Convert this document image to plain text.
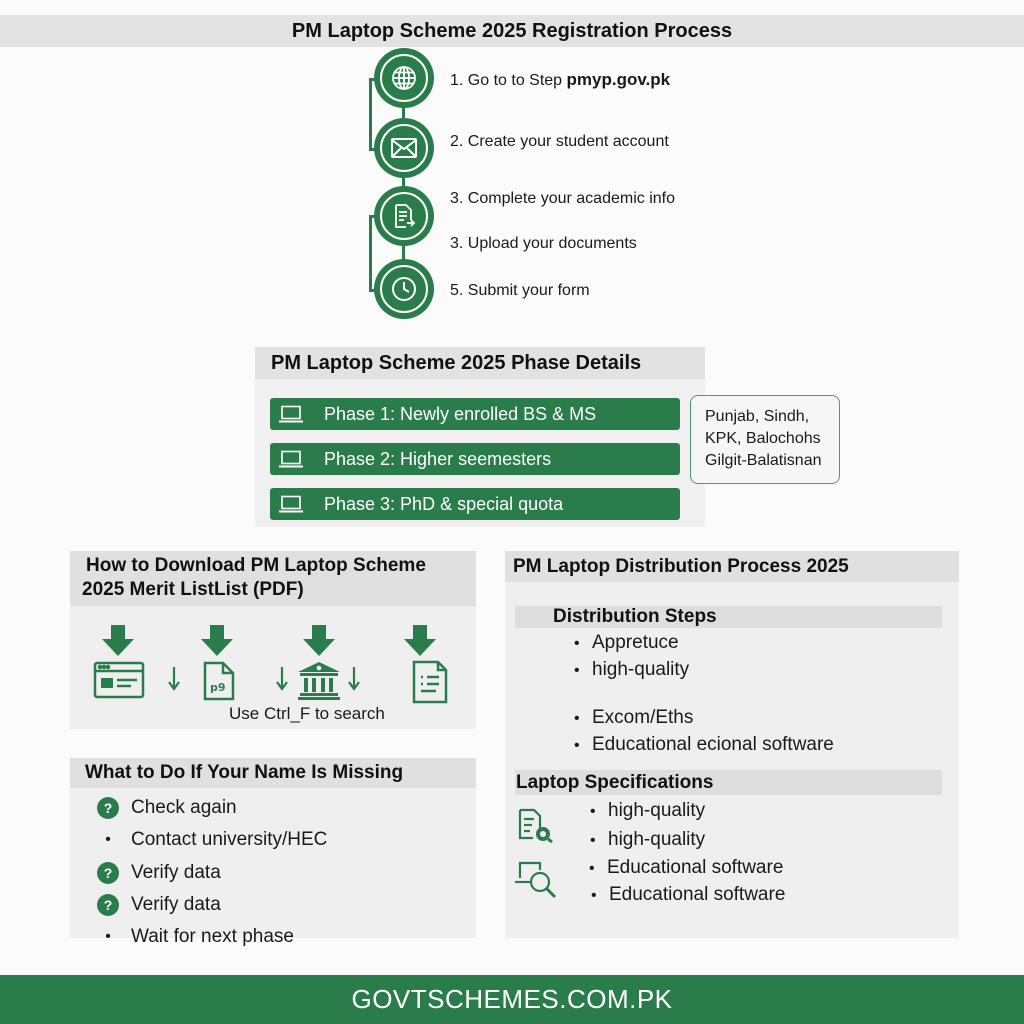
PM Laptop Scheme 2025 Registration Process
1. Go to to Step pmyp.gov.pk
2. Create your student account
3. Complete your academic info
3. Upload your documents
5. Submit your form
PM Laptop Scheme 2025 Phase Details
Phase 1: Newly enrolled BS & MS
Phase 2: Higher seemesters
Phase 3: PhD & special quota
Punjab, Sindh,
KPK, Balochohs
Gilgit-Balatisnan
How to Download PM Laptop Scheme
2025 Merit ListList (PDF)
p9
Use Ctrl_F to search
What to Do If Your Name Is Missing
? Check again
•	Contact university/HEC
? Verify data
? Verify data
•	Wait for next phase
PM Laptop Distribution Process 2025
Distribution Steps
• Appretuce
• high-quality
• Excom/Eths
• Educational ecional software
Laptop Specifications
• high-quality
• high-quality
• Educational software
• Educational software
GOVTSCHEMES.COM.PK
